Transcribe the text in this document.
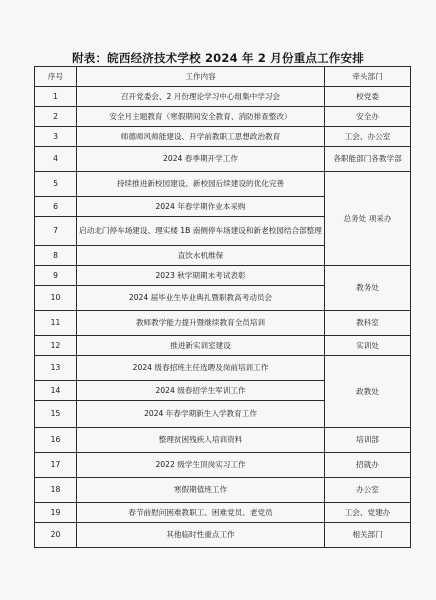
附表：皖西经济技术学校 2024 年 2 月份重点工作安排
序号	工作内容	牵头部门
1	召开党委会、2 月份理论学习中心组集中学习会	校党委
2	安全月主题教育（寒假期间安全教育、消防排查整改）	安全办
3	师德师风师能建设、开学前教职工思想政治教育	工会、办公室
4	2024 春季期开学工作	各职能部门各教学部
5	持续推进新校园建设、新校园后续建设的优化完善	总务处 项采办
6	2024 年春学期作业本采购	
7	启动北门停车场建设、理实楼 1B 南侧停车场建设和新老校园结合部整理	
8	直饮水机维保	
9	2023 秋学期期末考试表彰	教务处
10	2024 届毕业生毕业典礼暨职教高考动员会	
11	教师教学能力提升暨继续教育全员培训	教科室
12	推进新实训室建设	实训处
13	2024 级春招班主任选聘及岗前培训工作	政教处
14	2024 级春招学生军训工作	
15	2024 年春学期新生入学教育工作	
16	整理贫困残疾人培训资料	培训部
17	2022 级学生顶岗实习工作	招就办
18	寒假期值班工作	办公室
19	春节前慰问困难教职工、困难党员、老党员	工会、党建办
20	其他临时性重点工作	相关部门
